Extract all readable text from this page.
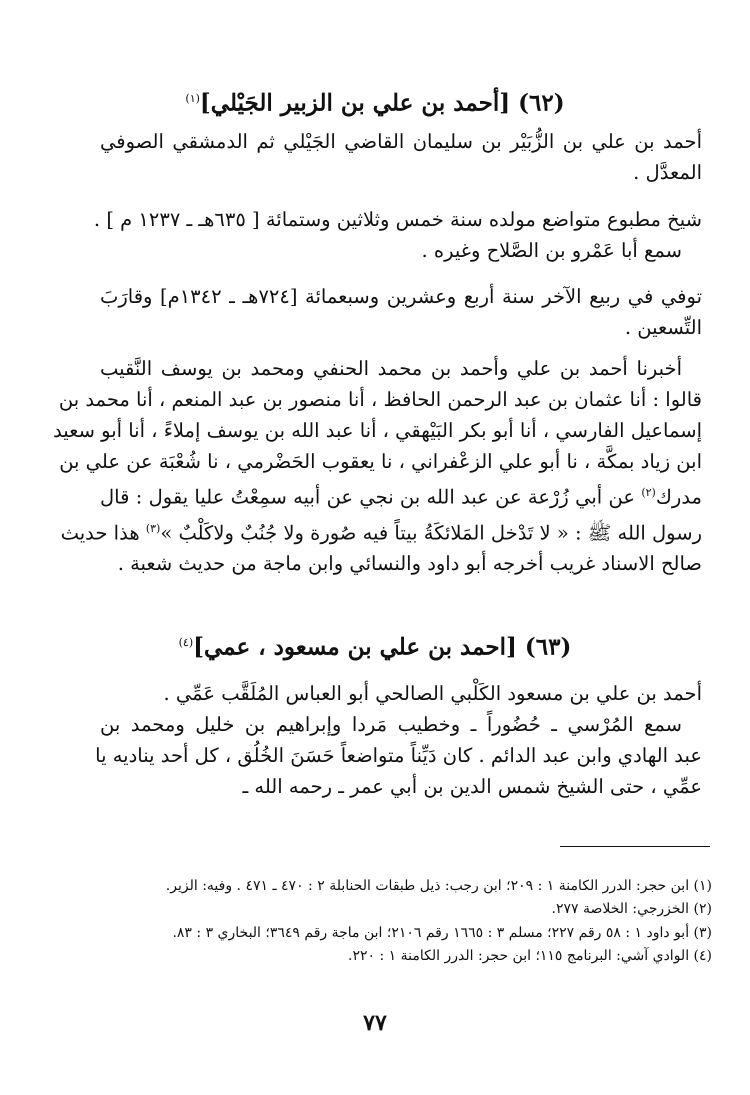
(٦٢) [أحمد بن علي بن الزبير الجَيْلي]$^{(١)}$
أحمد بن علي بن الزُّبَيْر بن سليمان القاضي الجَيْلي ثم الدمشقي الصوفي
المعدَّل .
شيخ مطبوع متواضع مولده سنة خمس وثلاثين وستمائة [ ٦٣٥هـ ـ ١٢٣٧ م ] .
سمع أبا عَمْرو بن الصَّلاح وغيره .
توفي في ربيع الآخر سنة أربع وعشرين وسبعمائة [٧٢٤هـ ـ ١٣٤٢م] وقارَبَ
التِّسعين .
أخبرنا أحمد بن علي وأحمد بن محمد الحنفي ومحمد بن يوسف النَّقيب
قالوا : أنا عثمان بن عبد الرحمن الحافظ ، أنا منصور بن عبد المنعم ، أنا محمد بن
إسماعيل الفارسي ، أنا أبو بكر البَيْهقي ، أنا عبد الله بن يوسف إملاءً ، أنا أبو سعيد
ابن زياد بمكَّة ، نا أبو علي الزعْفراني ، نا يعقوب الحَضْرمي ، نا شُعْبَة عن علي بن
مدرك$^{(٢)}$ عن أبي زُرْعة عن عبد الله بن نجي عن أبيه سمِعْتُ عليا يقول : قال
رسول الله ﷺ : « لا تَدْخل المَلائكَةُ بيتاً فيه صُورة ولا جُنُبٌ ولاكَلْبٌ »$^{(٣)}$ هذا حديث
صالح الاسناد غريب أخرجه أبو داود والنسائي وابن ماجة من حديث شعبة .
(٦٣) [احمد بن علي بن مسعود ، عمي]$^{(٤)}$
أحمد بن علي بن مسعود الكَلْبي الصالحي أبو العباس المُلَقَّب عَمِّي .
سمع المُرْسي ـ حُضُوراً ـ وخطيب مَردا وإبراهيم بن خليل ومحمد بن
عبد الهادي وابن عبد الدائم . كان دَيِّناً متواضعاً حَسَنَ الخُلُق ، كل أحد يناديه يا
عمِّي ، حتى الشيخ شمس الدين بن أبي عمر ـ رحمه الله ـ
(١) ابن حجر: الدرر الكامنة ١ : ٢٠٩؛ ابن رجب: ذيل طبقات الحنابلة ٢ : ٤٧٠ ـ ٤٧١ . وفيه: الزير.
(٢) الخزرجي: الخلاصة ٢٧٧.
(٣) أبو داود ١ : ٥٨ رقم ٢٢٧؛ مسلم ٣ : ١٦٦٥ رقم ٢١٠٦؛ ابن ماجة رقم ٣٦٤٩؛ البخاري ٣ : ٨٣.
(٤) الوادي آشي: البرنامج ١١٥؛ ابن حجر: الدرر الكامنة ١ : ٢٢٠.
٧٧
